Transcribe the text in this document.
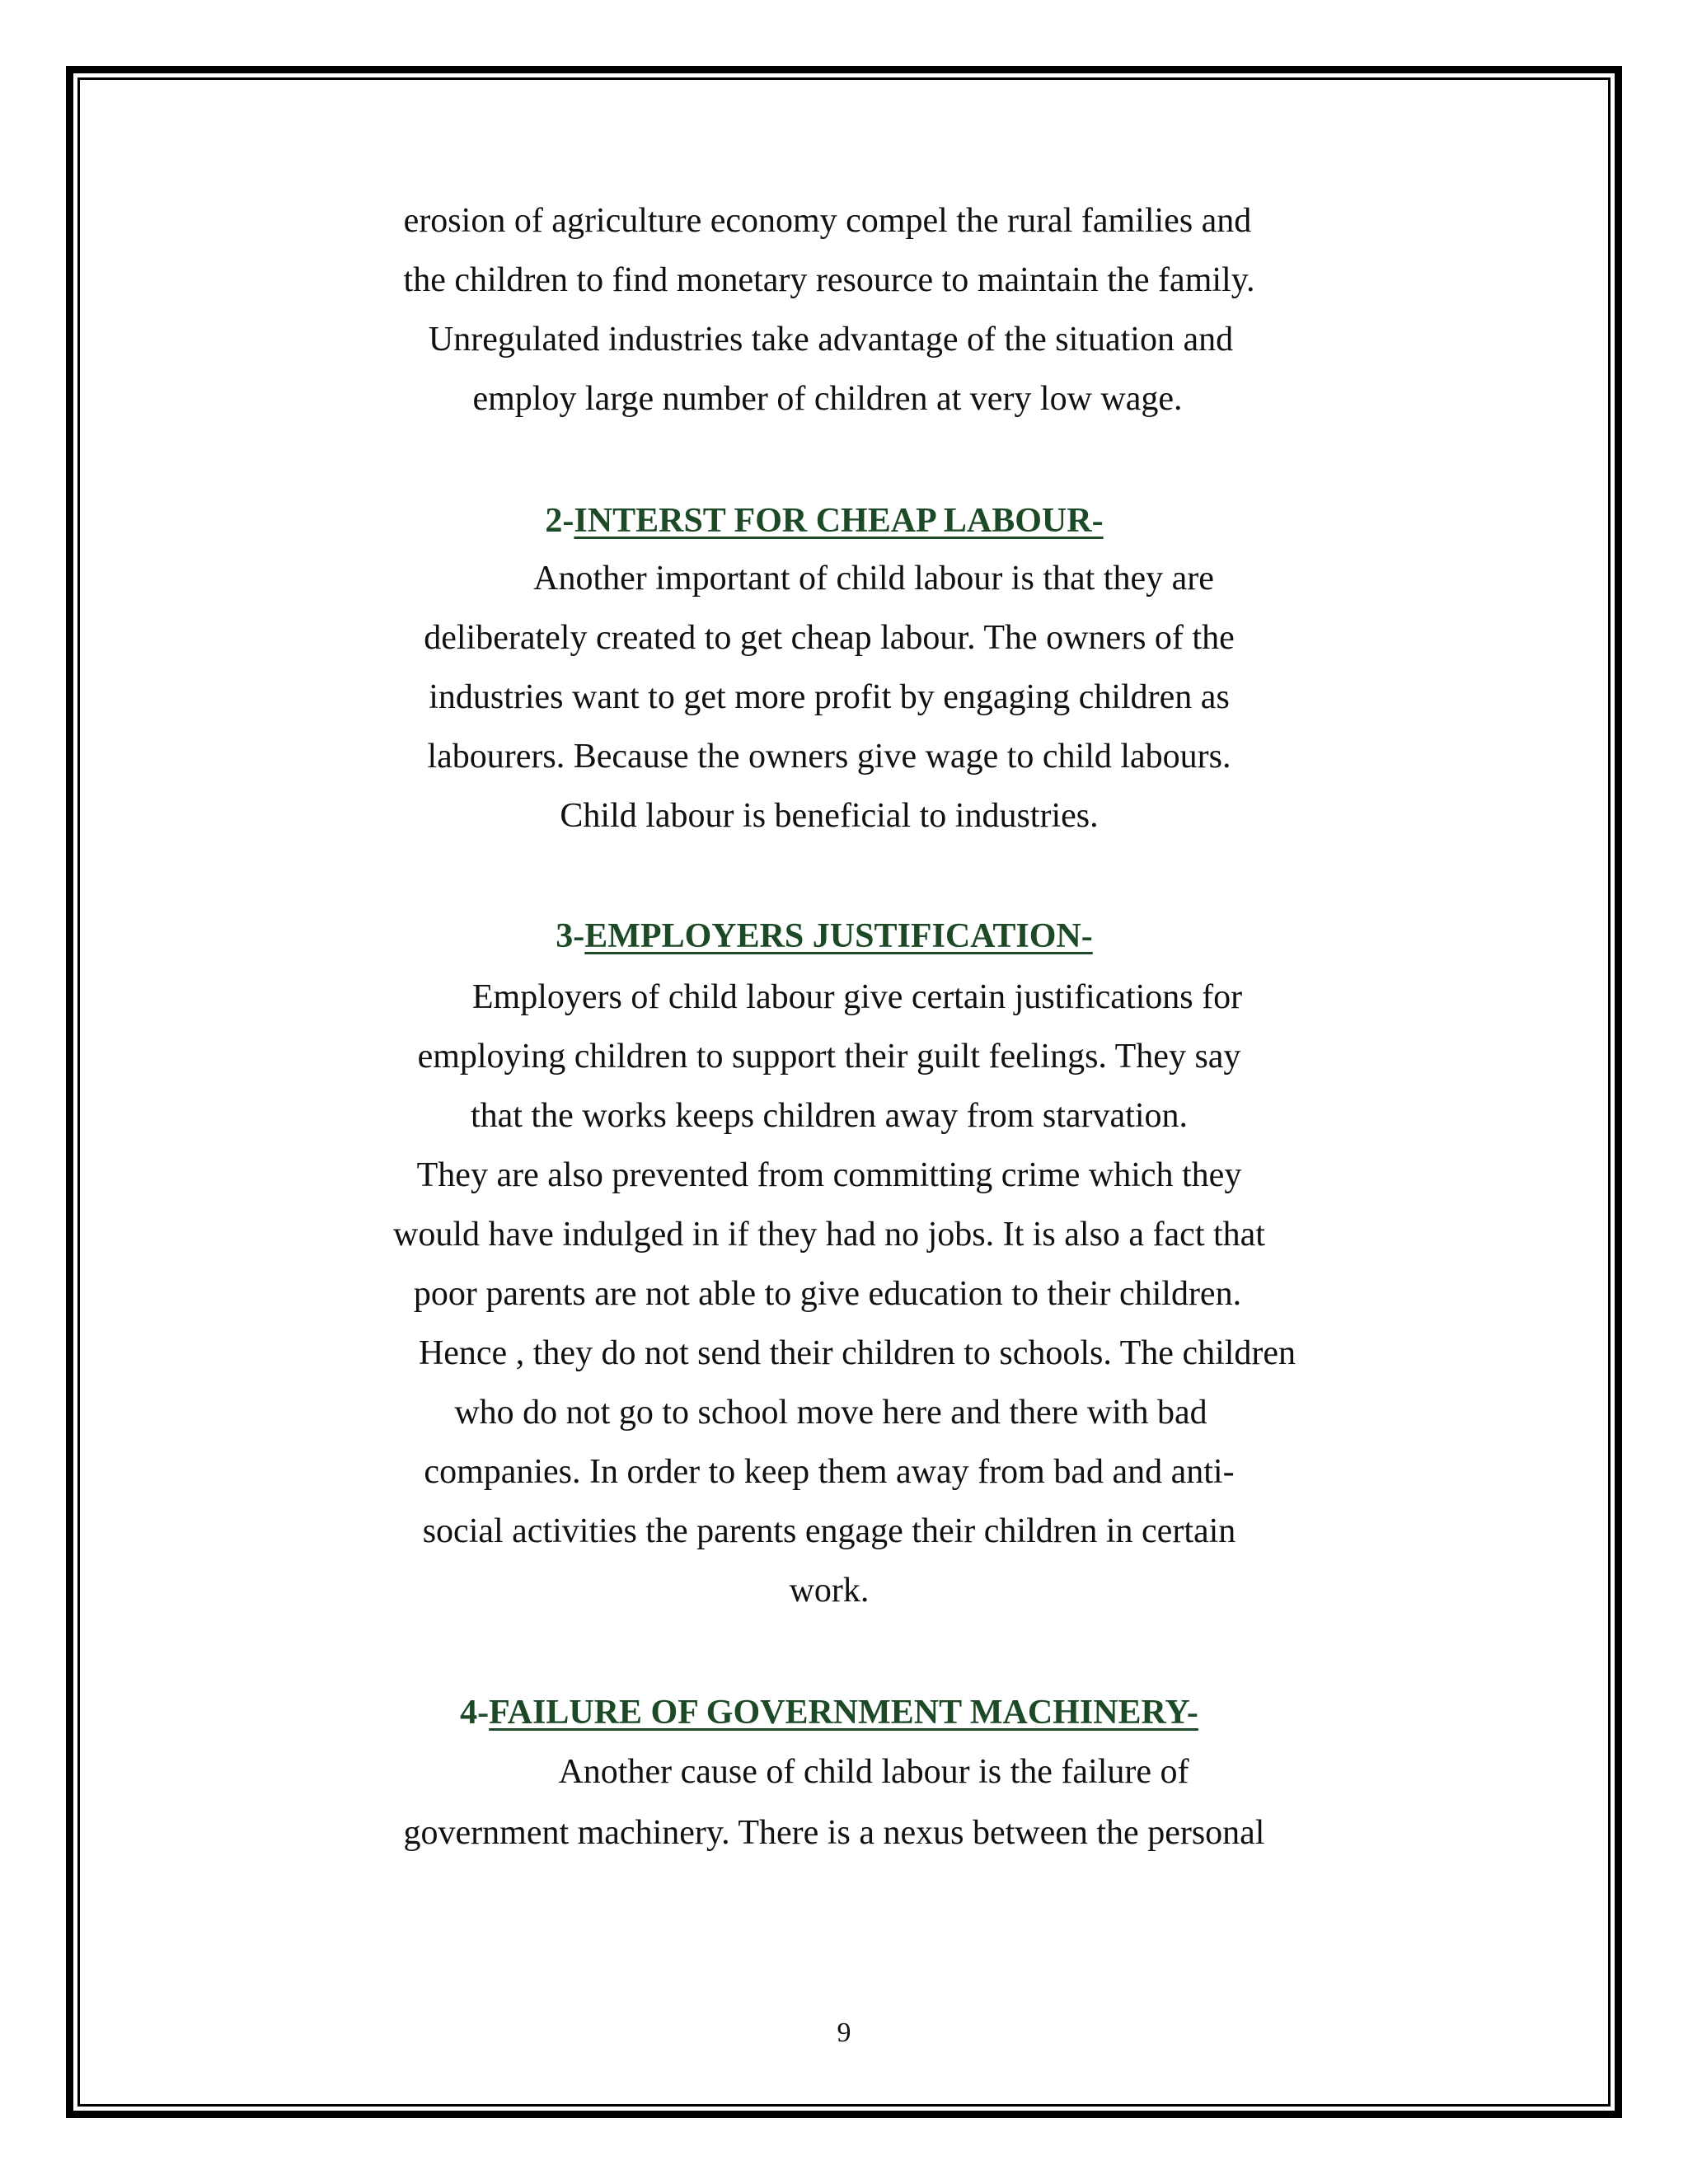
erosion of agriculture economy compel the rural families and
the children to find monetary resource to maintain the family.
Unregulated industries take advantage of the situation and
employ large number of children at very low wage.
2-INTERST FOR CHEAP LABOUR-
Another important of child labour is that they are
deliberately created to get cheap labour. The owners of the
industries want to get more profit by engaging children as
labourers. Because the owners give wage to child labours.
Child labour is beneficial to industries.
3-EMPLOYERS JUSTIFICATION-
Employers of child labour give certain justifications for
employing children to support their guilt feelings. They say
that the works keeps children away from starvation.
They are also prevented from committing crime which they
would have indulged in if they had no jobs. It is also a fact that
poor parents are not able to give education to their children.
Hence , they do not send their children to schools. The children
who do not go to school move here and there with bad
companies. In order to keep them away from bad and anti-
social activities the parents engage their children in certain
work.
4-FAILURE OF GOVERNMENT MACHINERY-
Another cause of child labour is the failure of
government machinery. There is a nexus between the personal
9
